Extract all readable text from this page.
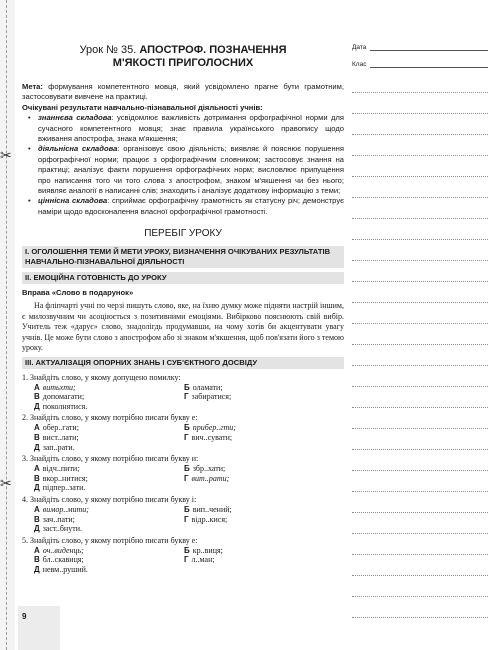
✂
✂
9
Урок № 35. АПОСТРОФ. ПОЗНАЧЕННЯ
М'ЯКОСТІ ПРИГОЛОСНИХ

Мета: формування компетентного мовця, який усвідомлено прагне бути грамотним, застосовувати вивчене на практиці.

Очікувані результати навчально-пізнавальної діяльності учнів:

• знаннєва складова: усвідомлює важливість дотримання орфографічної норми для сучасного компетентного мовця; знає правила українського правопису щодо вживання апострофа, знака м'якшення;
• діяльнісна складова: організовує свою діяльність; виявляє й пояснює порушення орфографічної норми; працює з орфографічним словником; застосовує знання на практиці; аналізує факти порушення орфографічних норм; висловлює припущення про написання того чи того слова з апострофом, знаком м'якшення чи без нього; виявляє аналогії в написанні слів; знаходить і аналізує додаткову інформацію з теми;
• ціннісна складова: сприймає орфографічну грамотність як статусну річ; демонструє наміри щодо вдосконалення власної орфографічної грамотності.
ПЕРЕБІГ УРОКУ
І. ОГОЛОШЕННЯ ТЕМИ Й МЕТИ УРОКУ, ВИЗНАЧЕННЯ ОЧІКУВАНИХ РЕЗУЛЬТАТІВ НАВЧАЛЬНО-ПІЗНАВАЛЬНОЇ ДІЯЛЬНОСТІ
ІІ. ЕМОЦІЙНА ГОТОВНІСТЬ ДО УРОКУ

Вправа «Слово в подарунок»

На фліпчарті учні по черзі пишуть слово, яке, на їхню думку може підняти настрій іншим, є милозвучним чи асоціюється з позитивними емоціями. Вибірково пояснюють свій вибір. Учитель теж «дарує» слово, знадолігдь продумавши, на чому хотів би акцентувати увагу учнів. Це може бути слово з апострофом або зі знаком м'якшення, щоб пов'язати його з темою уроку.

ІІІ. АКТУАЛІЗАЦІЯ ОПОРНИХ ЗНАНЬ І СУБ'ЄКТНОГО ДОСВІДУ
1. Знайдіть слово, у якому допущено помилку:
А витьхти;	Б оламати;
В допомагати;	Г забиратися;
Д поколнятися.
2. Знайдіть слово, у якому потрібно писати букву е:
А обер..гати;	Б прибер..гти;
В вист..лати;	Г вич..сувати;
Д зап..рати.
3. Знайдіть слово, у якому потрібно писати букву и:
А відч..пити;	Б збр..хати;
В вкор..нитися;	Г вит..рати;
Д підпер..зати.
4. Знайдіть слово, у якому потрібно писати букву і:
А вимор..мити;	Б вип..чений;
В зач..пати;	Г відр..кися;
Д заст..бнути.
5. Знайдіть слово, у якому потрібно писати букву е:
А оч..виденць;	Б кр..виця;
В бл..скавиця;	Г л..ман;
Д невм..руший.
Дата
Клас
